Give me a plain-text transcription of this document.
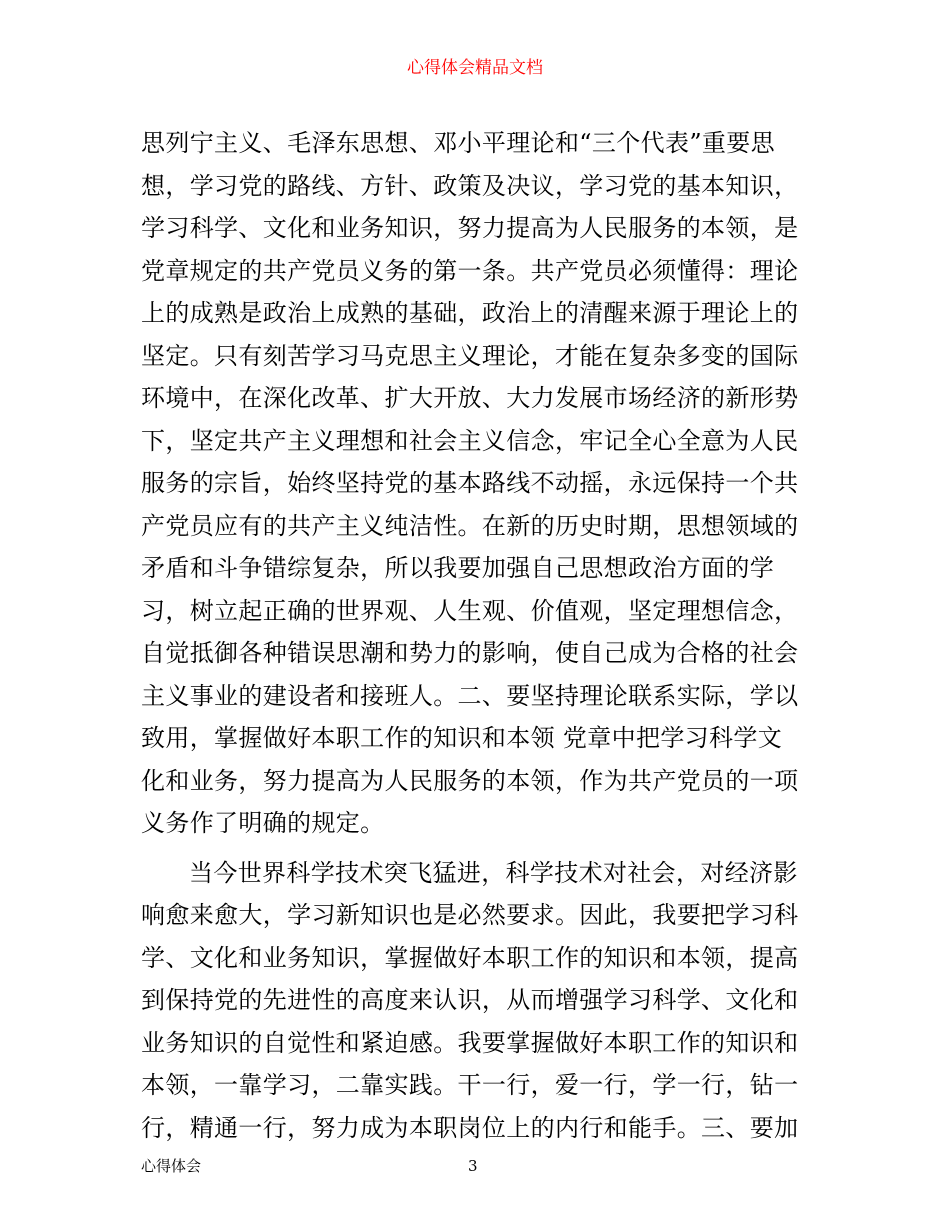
心得体会精品文档
思列宁主义、毛泽东思想、邓小平理论和“三个代表”重要思
想，学习党的路线、方针、政策及决议，学习党的基本知识，
学习科学、文化和业务知识，努力提高为人民服务的本领，是
党章规定的共产党员义务的第一条。共产党员必须懂得：理论
上的成熟是政治上成熟的基础，政治上的清醒来源于理论上的
坚定。只有刻苦学习马克思主义理论，才能在复杂多变的国际
环境中，在深化改革、扩大开放、大力发展市场经济的新形势
下，坚定共产主义理想和社会主义信念，牢记全心全意为人民
服务的宗旨，始终坚持党的基本路线不动摇，永远保持一个共
产党员应有的共产主义纯洁性。在新的历史时期，思想领域的
矛盾和斗争错综复杂，所以我要加强自己思想政治方面的学
习，树立起正确的世界观、人生观、价值观，坚定理想信念，
自觉抵御各种错误思潮和势力的影响，使自己成为合格的社会
主义事业的建设者和接班人。二、要坚持理论联系实际，学以
致用，掌握做好本职工作的知识和本领 党章中把学习科学文
化和业务，努力提高为人民服务的本领，作为共产党员的一项
义务作了明确的规定。
当今世界科学技术突飞猛进，科学技术对社会，对经济影
响愈来愈大，学习新知识也是必然要求。因此，我要把学习科
学、文化和业务知识，掌握做好本职工作的知识和本领，提高
到保持党的先进性的高度来认识，从而增强学习科学、文化和
业务知识的自觉性和紧迫感。我要掌握做好本职工作的知识和
本领，一靠学习，二靠实践。干一行，爱一行，学一行，钻一
行，精通一行，努力成为本职岗位上的内行和能手。三、要加
心得体会	3
